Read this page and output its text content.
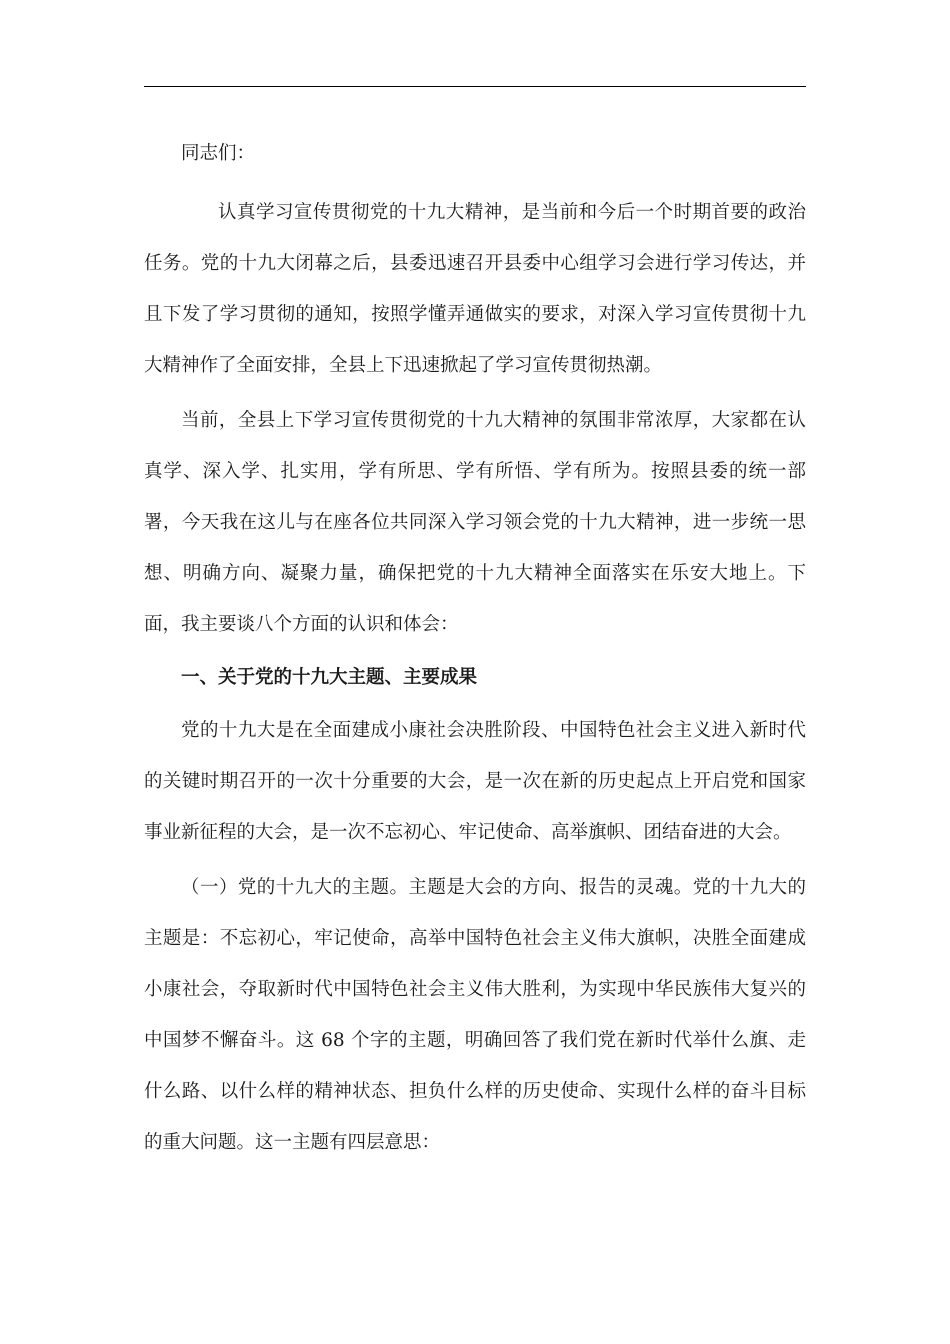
同志们：

认真学习宣传贯彻党的十九大精神，是当前和今后一个时期首要的政治任务。党的十九大闭幕之后，县委迅速召开县委中心组学习会进行学习传达，并且下发了学习贯彻的通知，按照学懂弄通做实的要求，对深入学习宣传贯彻十九大精神作了全面安排，全县上下迅速掀起了学习宣传贯彻热潮。

当前，全县上下学习宣传贯彻党的十九大精神的氛围非常浓厚，大家都在认真学、深入学、扎实用，学有所思、学有所悟、学有所为。按照县委的统一部署，今天我在这儿与在座各位共同深入学习领会党的十九大精神，进一步统一思想、明确方向、凝聚力量，确保把党的十九大精神全面落实在乐安大地上。下面，我主要谈八个方面的认识和体会：

一、关于党的十九大主题、主要成果

党的十九大是在全面建成小康社会决胜阶段、中国特色社会主义进入新时代的关键时期召开的一次十分重要的大会，是一次在新的历史起点上开启党和国家事业新征程的大会，是一次不忘初心、牢记使命、高举旗帜、团结奋进的大会。

（一）党的十九大的主题。主题是大会的方向、报告的灵魂。党的十九大的主题是：不忘初心，牢记使命，高举中国特色社会主义伟大旗帜，决胜全面建成小康社会，夺取新时代中国特色社会主义伟大胜利，为实现中华民族伟大复兴的中国梦不懈奋斗。这 68 个字的主题，明确回答了我们党在新时代举什么旗、走什么路、以什么样的精神状态、担负什么样的历史使命、实现什么样的奋斗目标的重大问题。这一主题有四层意思：
